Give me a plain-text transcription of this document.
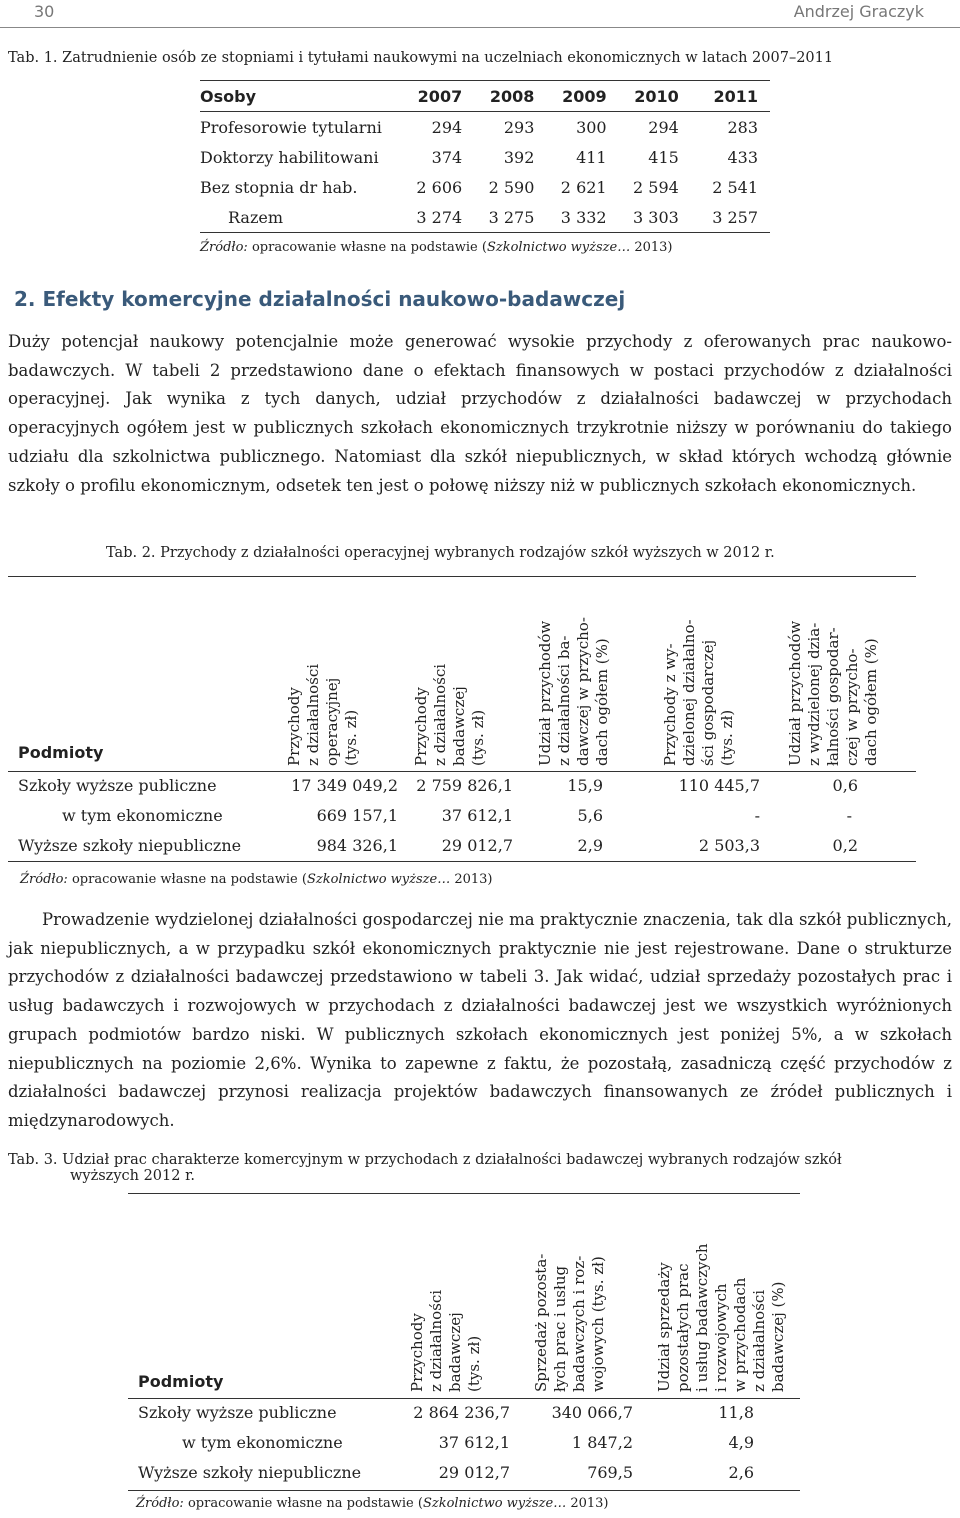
30	Andrzej Graczyk
Tab. 1. Zatrudnienie osób ze stopniami i tytułami naukowymi na uczelniach ekonomicznych w latach 2007–2011
Osoby	2007	2008	2009	2010	2011
Profesorowie tytularni	294	293	300	294	283
Doktorzy habilitowani	374	392	411	415	433
Bez stopnia dr hab.	2 606	2 590	2 621	2 594	2 541
Razem	3 274	3 275	3 332	3 303	3 257
Źródło: opracowanie własne na podstawie (Szkolnictwo wyższe… 2013)
2. Efekty komercyjne działalności naukowo-badawczej
Duży potencjał naukowy potencjalnie może generować wysokie przychody z oferowanych prac naukowo-badawczych. W tabeli 2 przedstawiono dane o efektach finansowych w postaci przychodów z działalności operacyjnej. Jak wynika z tych danych, udział przychodów z działalności badawczej w przychodach operacyjnych ogółem jest w publicznych szkołach ekonomicznych trzykrotnie niższy w porównaniu do takiego udziału dla szkolnictwa publicznego. Natomiast dla szkół niepublicznych, w skład których wchodzą głównie szkoły o profilu ekonomicznym, odsetek ten jest o połowę niższy niż w publicznych szkołach ekonomicznych.
Tab. 2. Przychody z działalności operacyjnej wybranych rodzajów szkół wyższych w 2012 r.
Podmioty	Przychody
z działalności
operacyjnej
(tys. zł)	Przychody
z działalności
badawczej
(tys. zł)	Udział przychodów
z działalności ba-
dawczej w przycho-
dach ogółem (%)
Przychody z wy-
dzielonej działalno-
ści gospodarczej
(tys. zł)	Udział przychodów
z wydzielonej dzia-
łalności gospodar-
czej w przycho-
dach ogółem (%)
Szkoły wyższe publiczne	17 349 049,2	2 759 826,1	15,9	110 445,7	0,6
w tym ekonomiczne	669 157,1	37 612,1	5,6	-	-
Wyższe szkoły niepubliczne	984 326,1	29 012,7	2,9	2 503,3	0,2
Źródło: opracowanie własne na podstawie (Szkolnictwo wyższe… 2013)
Prowadzenie wydzielonej działalności gospodarczej nie ma praktycznie znaczenia, tak dla szkół publicznych, jak niepublicznych, a w przypadku szkół ekonomicznych praktycznie nie jest rejestrowane. Dane o strukturze przychodów z działalności badawczej przedstawiono w tabeli 3. Jak widać, udział sprzedaży pozostałych prac i usług badawczych i rozwojowych w przychodach z działalności badawczej jest we wszystkich wyróżnionych grupach podmiotów bardzo niski. W publicznych szkołach ekonomicznych jest poniżej 5%, a w szkołach niepublicznych na poziomie 2,6%. Wynika to zapewne z faktu, że pozostałą, zasadniczą część przychodów z działalności badawczej przynosi realizacja projektów badawczych finansowanych ze źródeł publicznych i międzynarodowych.
Tab. 3. Udział prac charakterze komercyjnym w przychodach z działalności badawczej wybranych rodzajów szkół
wyższych 2012 r.
Podmioty	Przychody
z działalności
badawczej
(tys. zł)	Sprzedaż pozosta-
łych prac i usług
badawczych i roz-
wojowych (tys. zł)
Udział sprzedaży
pozostałych prac
i usług badawczych
i rozwojowych
w przychodach
z działalności
badawczej (%)
Szkoły wyższe publiczne	2 864 236,7	340 066,7	11,8
w tym ekonomiczne	37 612,1	1 847,2	4,9
Wyższe szkoły niepubliczne	29 012,7	769,5	2,6
Źródło: opracowanie własne na podstawie (Szkolnictwo wyższe… 2013)
